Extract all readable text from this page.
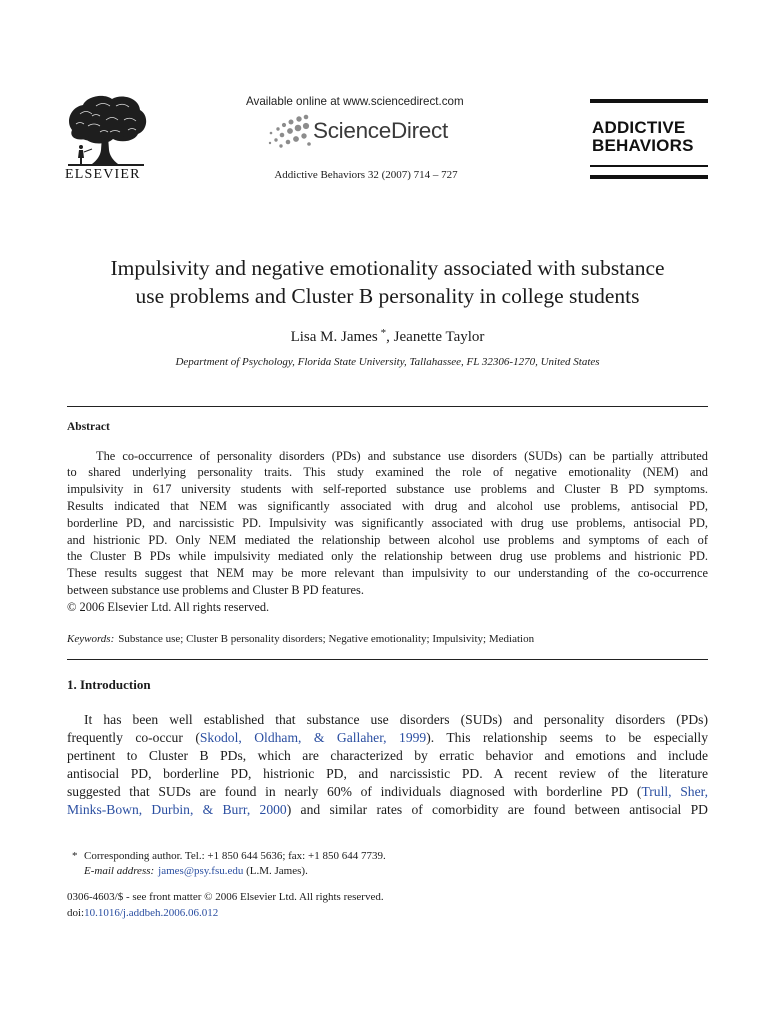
ELSEVIER
Available online at www.sciencedirect.com
ScienceDirect
Addictive Behaviors 32 (2007) 714 – 727
ADDICTIVE
BEHAVIORS
Impulsivity and negative emotionality associated with substance
use problems and Cluster B personality in college students
Lisa M. James *, Jeanette Taylor
Department of Psychology, Florida State University, Tallahassee, FL 32306-1270, United States
Abstract
The co-occurrence of personality disorders (PDs) and substance use disorders (SUDs) can be partially attributed
to shared underlying personality traits. This study examined the role of negative emotionality (NEM) and
impulsivity in 617 university students with self-reported substance use problems and Cluster B PD symptoms.
Results indicated that NEM was significantly associated with drug and alcohol use problems, antisocial PD,
borderline PD, and narcissistic PD. Impulsivity was significantly associated with drug use problems, antisocial PD,
and histrionic PD. Only NEM mediated the relationship between alcohol use problems and symptoms of each of
the Cluster B PDs while impulsivity mediated only the relationship between drug use problems and histrionic PD.
These results suggest that NEM may be more relevant than impulsivity to our understanding of the co-occurrence
between substance use problems and Cluster B PD features.
© 2006 Elsevier Ltd. All rights reserved.
Keywords: Substance use; Cluster B personality disorders; Negative emotionality; Impulsivity; Mediation
1. Introduction
It has been well established that substance use disorders (SUDs) and personality disorders (PDs)
frequently co-occur (Skodol, Oldham, & Gallaher, 1999). This relationship seems to be especially
pertinent to Cluster B PDs, which are characterized by erratic behavior and emotions and include
antisocial PD, borderline PD, histrionic PD, and narcissistic PD. A recent review of the literature
suggested that SUDs are found in nearly 60% of individuals diagnosed with borderline PD (Trull, Sher,
Minks-Bown, Durbin, & Burr, 2000) and similar rates of comorbidity are found between antisocial PD
* Corresponding author. Tel.: +1 850 644 5636; fax: +1 850 644 7739.
E-mail address: james@psy.fsu.edu (L.M. James).
0306-4603/$ - see front matter © 2006 Elsevier Ltd. All rights reserved.
doi:10.1016/j.addbeh.2006.06.012
